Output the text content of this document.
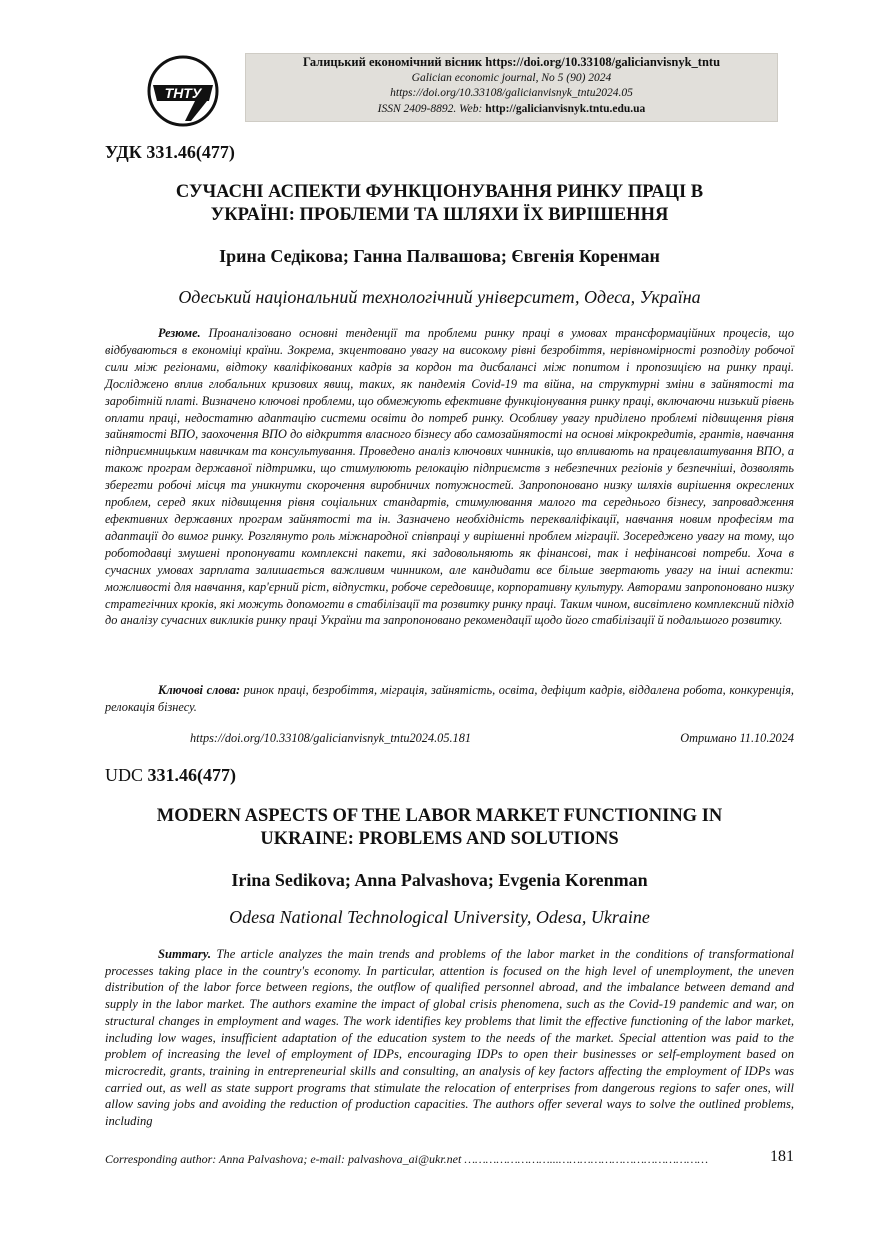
ТНТУ
Галицький економічний вісник https://doi.org/10.33108/galicianvisnyk_tntu
Galician economic journal, No 5 (90) 2024
https://doi.org/10.33108/galicianvisnyk_tntu2024.05
ISSN 2409-8892. Web: http://galicianvisnyk.tntu.edu.ua
УДК 331.46(477)
СУЧАСНІ АСПЕКТИ ФУНКЦІОНУВАННЯ РИНКУ ПРАЦІ В
УКРАЇНІ: ПРОБЛЕМИ ТА ШЛЯХИ ЇХ ВИРІШЕННЯ
Ірина Седікова; Ганна Палвашова; Євгенія Коренман
Одеський національний технологічний університет, Одеса, Україна

Резюме. Проаналізовано основні тенденції та проблеми ринку праці в умовах трансформаційних процесів, що відбуваються в економіці країни. Зокрема, зкцентовано увагу на високому рівні безробіття, нерівномірності розподілу робочої сили між регіонами, відтоку кваліфікованих кадрів за кордон та дисбалансі між попитом і пропозицією на ринку праці. Досліджено вплив глобальних кризових явищ, таких, як пандемія Covid-19 та війна, на структурні зміни в зайнятості та заробітній платі. Визначено ключові проблеми, що обмежують ефективне функціонування ринку праці, включаючи низький рівень оплати праці, недостатню адаптацію системи освіти до потреб ринку. Особливу увагу приділено проблемі підвищення рівня зайнятості ВПО, заохочення ВПО до відкриття власного бізнесу або самозайнятості на основі мікрокредитів, грантів, навчання підприємницьким навичкам та консультування. Проведено аналіз ключових чинників, що впливають на працевлаштування ВПО, а також програм державної підтримки, що стимулюють релокацію підприємств з небезпечних регіонів у безпечніші, дозволять зберегти робочі місця та уникнути скорочення виробничих потужностей. Запропоновано низку шляхів вирішення окреслених проблем, серед яких підвищення рівня соціальних стандартів, стимулювання малого та середнього бізнесу, запровадження ефективних державних програм зайнятості та ін. Зазначено необхідність перекваліфікації, навчання новим професіям та адаптації до вимог ринку. Розглянуто роль міжнародної співпраці у вирішенні проблем міграції. Зосереджено увагу на тому, що роботодавці змушені пропонувати комплексні пакети, які задовольняють як фінансові, так і нефінансові потреби. Хоча в сучасних умовах зарплата залишається важливим чинником, але кандидати все більше звертають увагу на інші аспекти: можливості для навчання, кар'єрний ріст, відпустки, робоче середовище, корпоративну культуру. Авторами запропоновано низку стратегічних кроків, які можуть допомогти в стабілізації та розвитку ринку праці. Таким чином, висвітлено комплексний підхід до аналізу сучасних викликів ринку праці України та запропоновано рекомендації щодо його стабілізації й подальшого розвитку.

Ключові слова: ринок праці, безробіття, міграція, зайнятість, освіта, дефіцит кадрів, віддалена робота, конкуренція, релокація бізнесу.

https://doi.org/10.33108/galicianvisnyk_tntu2024.05.181	Отримано 11.10.2024
UDC 331.46(477)
MODERN ASPECTS OF THE LABOR MARKET FUNCTIONING IN
UKRAINE: PROBLEMS AND SOLUTIONS
Irina Sedikova; Anna Palvashova; Evgenia Korenman
Odesa National Technological University, Odesa, Ukraine

Summary. The article analyzes the main trends and problems of the labor market in the conditions of transformational processes taking place in the country's economy. In particular, attention is focused on the high level of unemployment, the uneven distribution of the labor force between regions, the outflow of qualified personnel abroad, and the imbalance between demand and supply in the labor market. The authors examine the impact of global crisis phenomena, such as the Covid-19 pandemic and war, on structural changes in employment and wages. The work identifies key problems that limit the effective functioning of the labor market, including low wages, insufficient adaptation of the education system to the needs of the market. Special attention was paid to the problem of increasing the level of employment of IDPs, encouraging IDPs to open their businesses or self-employment based on microcredit, grants, training in entrepreneurial skills and consulting, an analysis of key factors affecting the employment of IDPs was carried out, as well as state support programs that stimulate the relocation of enterprises from dangerous regions to safer ones, will allow saving jobs and avoiding the reduction of production capacities. The authors offer several ways to solve the outlined problems, including

Corresponding author: Anna Palvashova; e-mail: palvashova_ai@ukr.net ……………………...……………………………………	181
